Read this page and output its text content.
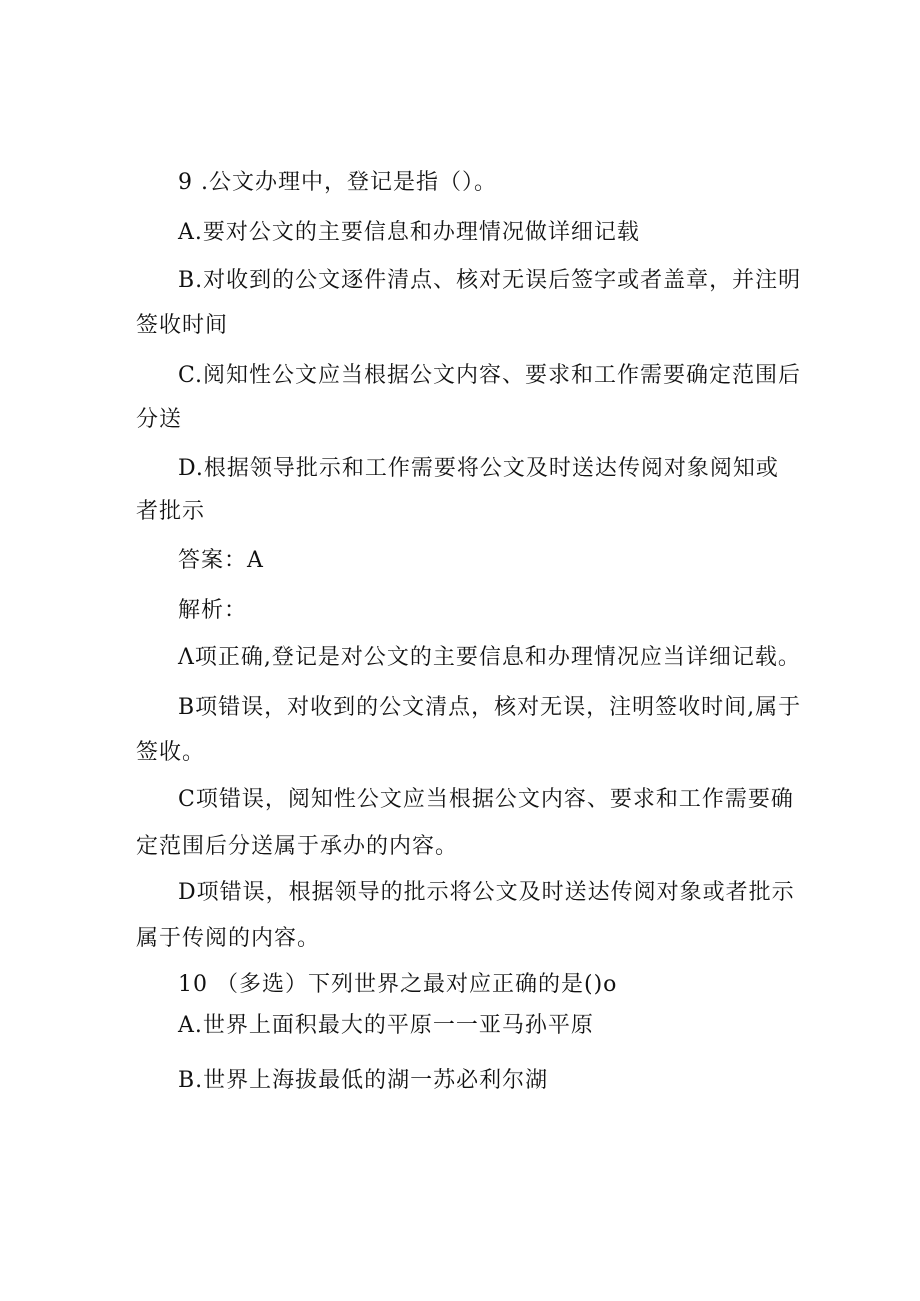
9 .公文办理中，登记是指（）。
A.要对公文的主要信息和办理情况做详细记载
B.对收到的公文逐件清点、核对无误后签字或者盖章，并注明
签收时间
C.阅知性公文应当根据公文内容、要求和工作需要确定范围后
分送
D.根据领导批示和工作需要将公文及时送达传阅对象阅知或
者批示
答案：A
解析：
Λ项正确,登记是对公文的主要信息和办理情况应当详细记载。
B项错误，对收到的公文清点，核对无误，注明签收时间,属于
签收。
C项错误，阅知性公文应当根据公文内容、要求和工作需要确
定范围后分送属于承办的内容。
D项错误，根据领导的批示将公文及时送达传阅对象或者批示
属于传阅的内容。
10 （多选）下列世界之最对应正确的是()o
A.世界上面积最大的平原一一亚马孙平原
B.世界上海拔最低的湖一苏必利尔湖
